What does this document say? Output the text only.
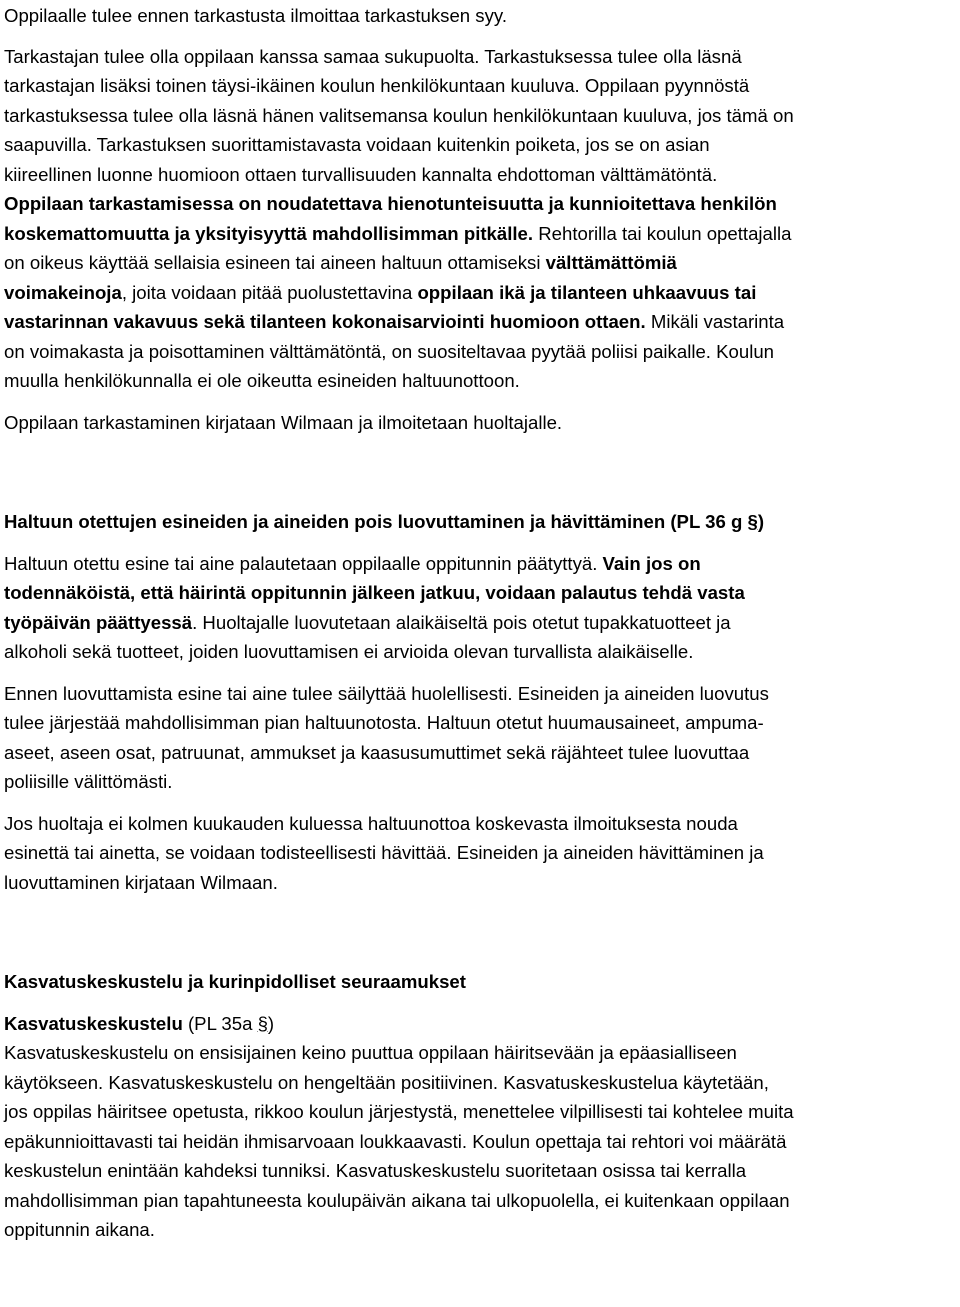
Oppilaalle tulee ennen tarkastusta ilmoittaa tarkastuksen syy.

Tarkastajan tulee olla oppilaan kanssa samaa sukupuolta. Tarkastuksessa tulee olla läsnä
tarkastajan lisäksi toinen täysi-ikäinen koulun henkilökuntaan kuuluva. Oppilaan pyynnöstä
tarkastuksessa tulee olla läsnä hänen valitsemansa koulun henkilökuntaan kuuluva, jos tämä on
saapuvilla. Tarkastuksen suorittamistavasta voidaan kuitenkin poiketa, jos se on asian
kiireellinen luonne huomioon ottaen turvallisuuden kannalta ehdottoman välttämätöntä.
Oppilaan tarkastamisessa on noudatettava hienotunteisuutta ja kunnioitettava henkilön
koskemattomuutta ja yksityisyyttä mahdollisimman pitkälle. Rehtorilla tai koulun opettajalla
on oikeus käyttää sellaisia esineen tai aineen haltuun ottamiseksi välttämättömiä
voimakeinoja, joita voidaan pitää puolustettavina oppilaan ikä ja tilanteen uhkaavuus tai
vastarinnan vakavuus sekä tilanteen kokonaisarviointi huomioon ottaen. Mikäli vastarinta
on voimakasta ja poisottaminen välttämätöntä, on suositeltavaa pyytää poliisi paikalle. Koulun
muulla henkilökunnalla ei ole oikeutta esineiden haltuunottoon.

Oppilaan tarkastaminen kirjataan Wilmaan ja ilmoitetaan huoltajalle.

Haltuun otettujen esineiden ja aineiden pois luovuttaminen ja hävittäminen (PL 36 g §)

Haltuun otettu esine tai aine palautetaan oppilaalle oppitunnin päätyttyä. Vain jos on
todennäköistä, että häirintä oppitunnin jälkeen jatkuu, voidaan palautus tehdä vasta
työpäivän päättyessä. Huoltajalle luovutetaan alaikäiseltä pois otetut tupakkatuotteet ja
alkoholi sekä tuotteet, joiden luovuttamisen ei arvioida olevan turvallista alaikäiselle.

Ennen luovuttamista esine tai aine tulee säilyttää huolellisesti. Esineiden ja aineiden luovutus
tulee järjestää mahdollisimman pian haltuunotosta. Haltuun otetut huumausaineet, ampuma-
aseet, aseen osat, patruunat, ammukset ja kaasusumuttimet sekä räjähteet tulee luovuttaa
poliisille välittömästi.

Jos huoltaja ei kolmen kuukauden kuluessa haltuunottoa koskevasta ilmoituksesta nouda
esinettä tai ainetta, se voidaan todisteellisesti hävittää. Esineiden ja aineiden hävittäminen ja
luovuttaminen kirjataan Wilmaan.

Kasvatuskeskustelu ja kurinpidolliset seuraamukset

Kasvatuskeskustelu (PL 35a §)
Kasvatuskeskustelu on ensisijainen keino puuttua oppilaan häiritsevään ja epäasialliseen
käytökseen. Kasvatuskeskustelu on hengeltään positiivinen. Kasvatuskeskustelua käytetään,
jos oppilas häiritsee opetusta, rikkoo koulun järjestystä, menettelee vilpillisesti tai kohtelee muita
epäkunnioittavasti tai heidän ihmisarvoaan loukkaavasti. Koulun opettaja tai rehtori voi määrätä
keskustelun enintään kahdeksi tunniksi. Kasvatuskeskustelu suoritetaan osissa tai kerralla
mahdollisimman pian tapahtuneesta koulupäivän aikana tai ulkopuolella, ei kuitenkaan oppilaan
oppitunnin aikana.
